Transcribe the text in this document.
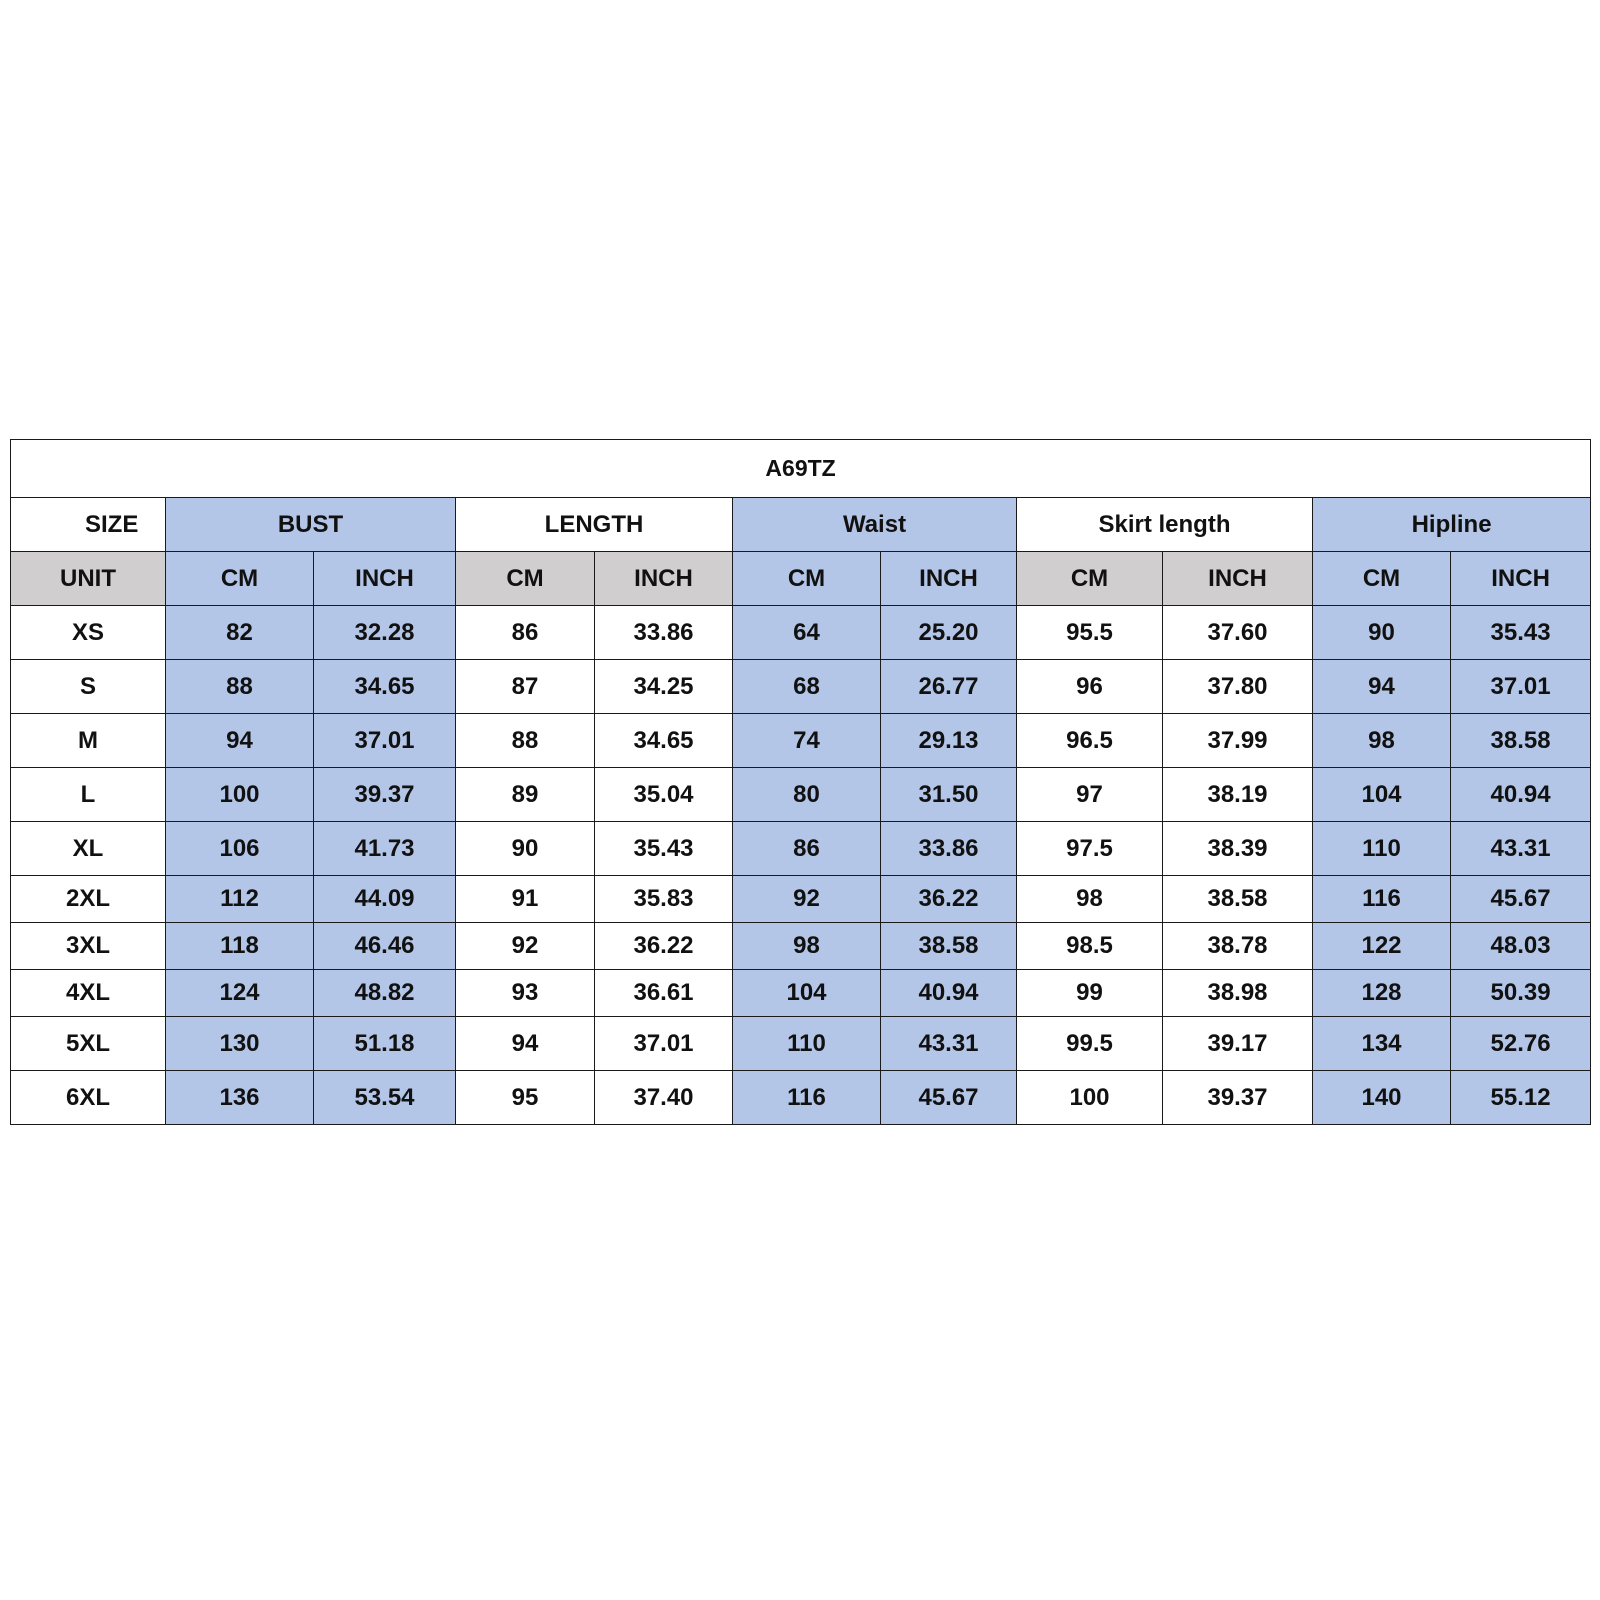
A69TZ										
SIZE	BUST		LENGTH		Waist		Skirt length		Hipline	
UNIT	CM	INCH	CM	INCH	CM	INCH	CM	INCH	CM	INCH
XS	82	32.28	86	33.86	64	25.20	95.5	37.60	90	35.43
S	88	34.65	87	34.25	68	26.77	96	37.80	94	37.01
M	94	37.01	88	34.65	74	29.13	96.5	37.99	98	38.58
L	100	39.37	89	35.04	80	31.50	97	38.19	104	40.94
XL	106	41.73	90	35.43	86	33.86	97.5	38.39	110	43.31
2XL	112	44.09	91	35.83	92	36.22	98	38.58	116	45.67
3XL	118	46.46	92	36.22	98	38.58	98.5	38.78	122	48.03
4XL	124	48.82	93	36.61	104	40.94	99	38.98	128	50.39
5XL	130	51.18	94	37.01	110	43.31	99.5	39.17	134	52.76
6XL	136	53.54	95	37.40	116	45.67	100	39.37	140	55.12
